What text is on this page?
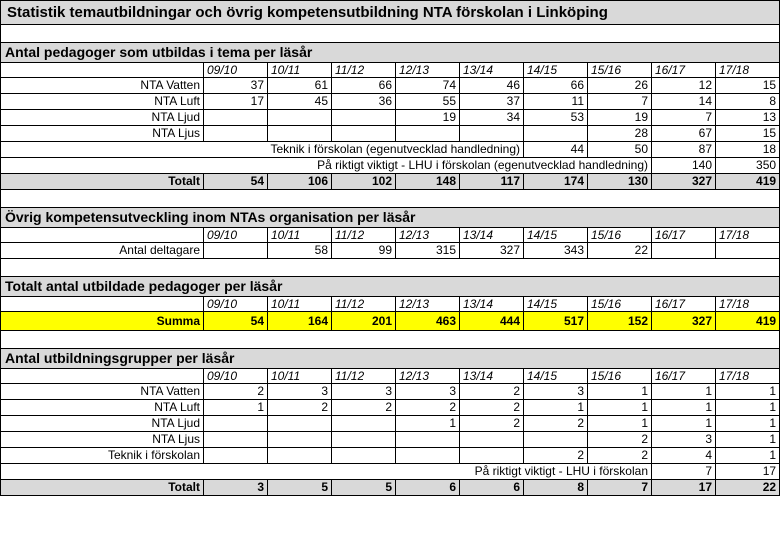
Statistik temautbildningar och övrig kompetensutbildning NTA förskolan i Linköping									

Antal pedagoger som utbildas i tema per läsår									
	09/10	10/11	11/12	12/13	13/14	14/15	15/16	16/17	17/18
NTA Vatten	37	61	66	74	46	66	26	12	15
NTA Luft	17	45	36	55	37	11	7	14	8
NTA Ljud				19	34	53	19	7	13
NTA Ljus							28	67	15
Teknik i förskolan (egenutvecklad handledning)						44	50	87	18
På riktigt viktigt - LHU i förskolan (egenutvecklad handledning)								140	350
Totalt	54	106	102	148	117	174	130	327	419

Övrig kompetensutveckling inom NTAs organisation per läsår									
	09/10	10/11	11/12	12/13	13/14	14/15	15/16	16/17	17/18
Antal deltagare		58	99	315	327	343	22		

Totalt antal utbildade pedagoger per läsår									
	09/10	10/11	11/12	12/13	13/14	14/15	15/16	16/17	17/18
Summa	54	164	201	463	444	517	152	327	419

Antal utbildningsgrupper per läsår									
	09/10	10/11	11/12	12/13	13/14	14/15	15/16	16/17	17/18
NTA Vatten	2	3	3	3	2	3	1	1	1
NTA Luft	1	2	2	2	2	1	1	1	1
NTA Ljud				1	2	2	1	1	1
NTA Ljus							2	3	1
Teknik i förskolan						2	2	4	1
På riktigt viktigt - LHU i förskolan								7	17
Totalt	3	5	5	6	6	8	7	17	22
